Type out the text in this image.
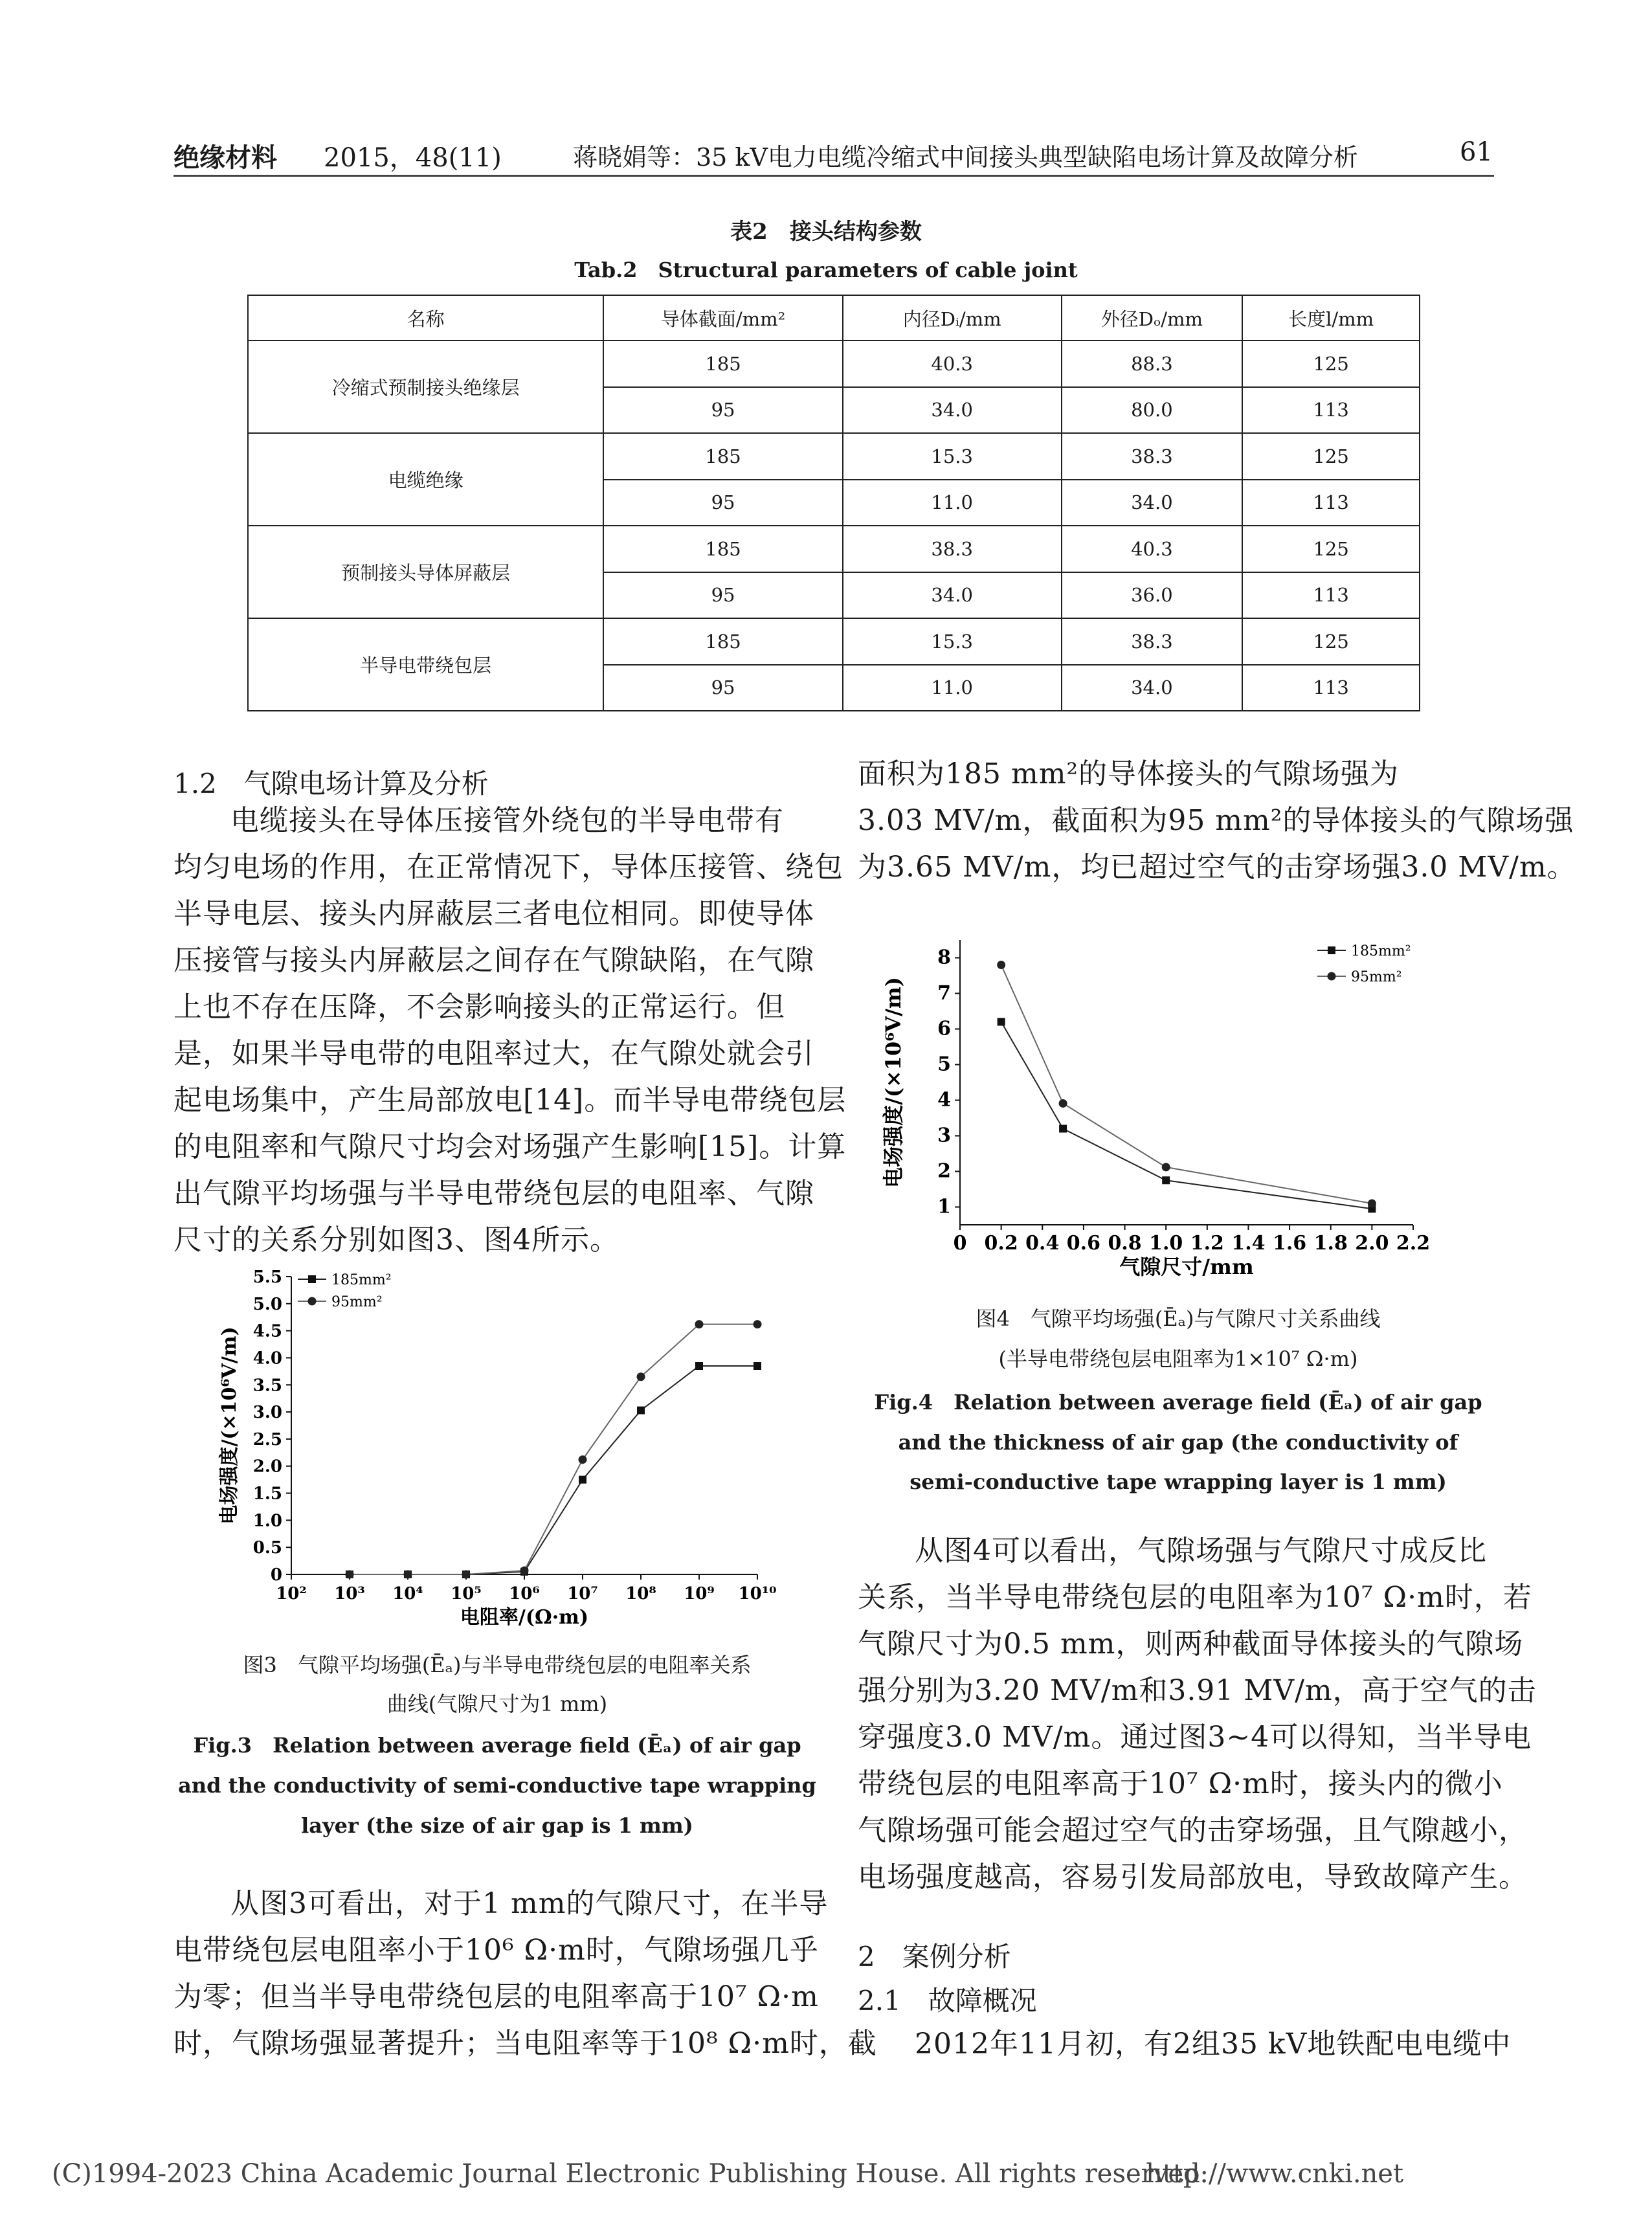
绝缘材料 2015，48(11)	蒋晓娟等：35 kV电力电缆冷缩式中间接头典型缺陷电场计算及故障分析	61
表2　接头结构参数
Tab.2　Structural parameters of cable joint
名称	导体截面/mm²	内径Dᵢ/mm	外径Dₒ/mm	长度l/mm
冷缩式预制接头绝缘层	185	40.3	88.3	125
	95	34.0	80.0	113
电缆绝缘	185	15.3	38.3	125
	95	11.0	34.0	113
预制接头导体屏蔽层	185	38.3	40.3	125
	95	34.0	36.0	113
半导电带绕包层	185	15.3	38.3	125
	95	11.0	34.0	113
1.2　气隙电场计算及分析
电缆接头在导体压接管外绕包的半导电带有
均匀电场的作用，在正常情况下，导体压接管、绕包
半导电层、接头内屏蔽层三者电位相同。即使导体
压接管与接头内屏蔽层之间存在气隙缺陷，在气隙
上也不存在压降，不会影响接头的正常运行。但
是，如果半导电带的电阻率过大，在气隙处就会引
起电场集中，产生局部放电[14]。而半导电带绕包层
的电阻率和气隙尺寸均会对场强产生影响[15]。计算
出气隙平均场强与半导电带绕包层的电阻率、气隙
尺寸的关系分别如图3、图4所示。
面积为185 mm²的导体接头的气隙场强为
3.03 MV/m，截面积为95 mm²的导体接头的气隙场强
为3.65 MV/m，均已超过空气的击穿场强3.0 MV/m。
0 0.2 0.4 0.6 0.8 1.0 1.2 1.4 1.6 1.8 2.0 2.2
1
2
3
4
5
6
7
8
气隙尺寸/mm
电场强度/(×10⁶V/m)
185mm²
95mm²
图4　气隙平均场强(Ēₐ)与气隙尺寸关系曲线
(半导电带绕包层电阻率为1×10⁷ Ω·m)
Fig.4　Relation between average field (Ēₐ) of air gap
and the thickness of air gap (the conductivity of
semi-conductive tape wrapping layer is 1 mm)
10² 10³ 10⁴ 10⁵ 10⁶ 10⁷ 10⁸ 10⁹ 10¹⁰
0
0.5
1.0
1.5
2.0
2.5
3.0
3.5
4.0
4.5
5.0
5.5
电阻率/(Ω·m)
电场强度/(×10⁶V/m)
185mm²
95mm²
图3　气隙平均场强(Ēₐ)与半导电带绕包层的电阻率关系
曲线(气隙尺寸为1 mm)
Fig.3　Relation between average field (Ēₐ) of air gap
and the conductivity of semi-conductive tape wrapping
layer (the size of air gap is 1 mm)
从图3可看出，对于1 mm的气隙尺寸，在半导
电带绕包层电阻率小于10⁶ Ω·m时，气隙场强几乎
为零；但当半导电带绕包层的电阻率高于10⁷ Ω·m
时，气隙场强显著提升；当电阻率等于10⁸ Ω·m时，截
从图4可以看出，气隙场强与气隙尺寸成反比
关系，当半导电带绕包层的电阻率为10⁷ Ω·m时，若
气隙尺寸为0.5 mm，则两种截面导体接头的气隙场
强分别为3.20 MV/m和3.91 MV/m，高于空气的击
穿强度3.0 MV/m。通过图3~4可以得知，当半导电
带绕包层的电阻率高于10⁷ Ω·m时，接头内的微小
气隙场强可能会超过空气的击穿场强，且气隙越小，
电场强度越高，容易引发局部放电，导致故障产生。
2　案例分析
2.1　故障概况
2012年11月初，有2组35 kV地铁配电电缆中
(C)1994-2023 China Academic Journal Electronic Publishing House. All rights reserved.
http://www.cnki.net
